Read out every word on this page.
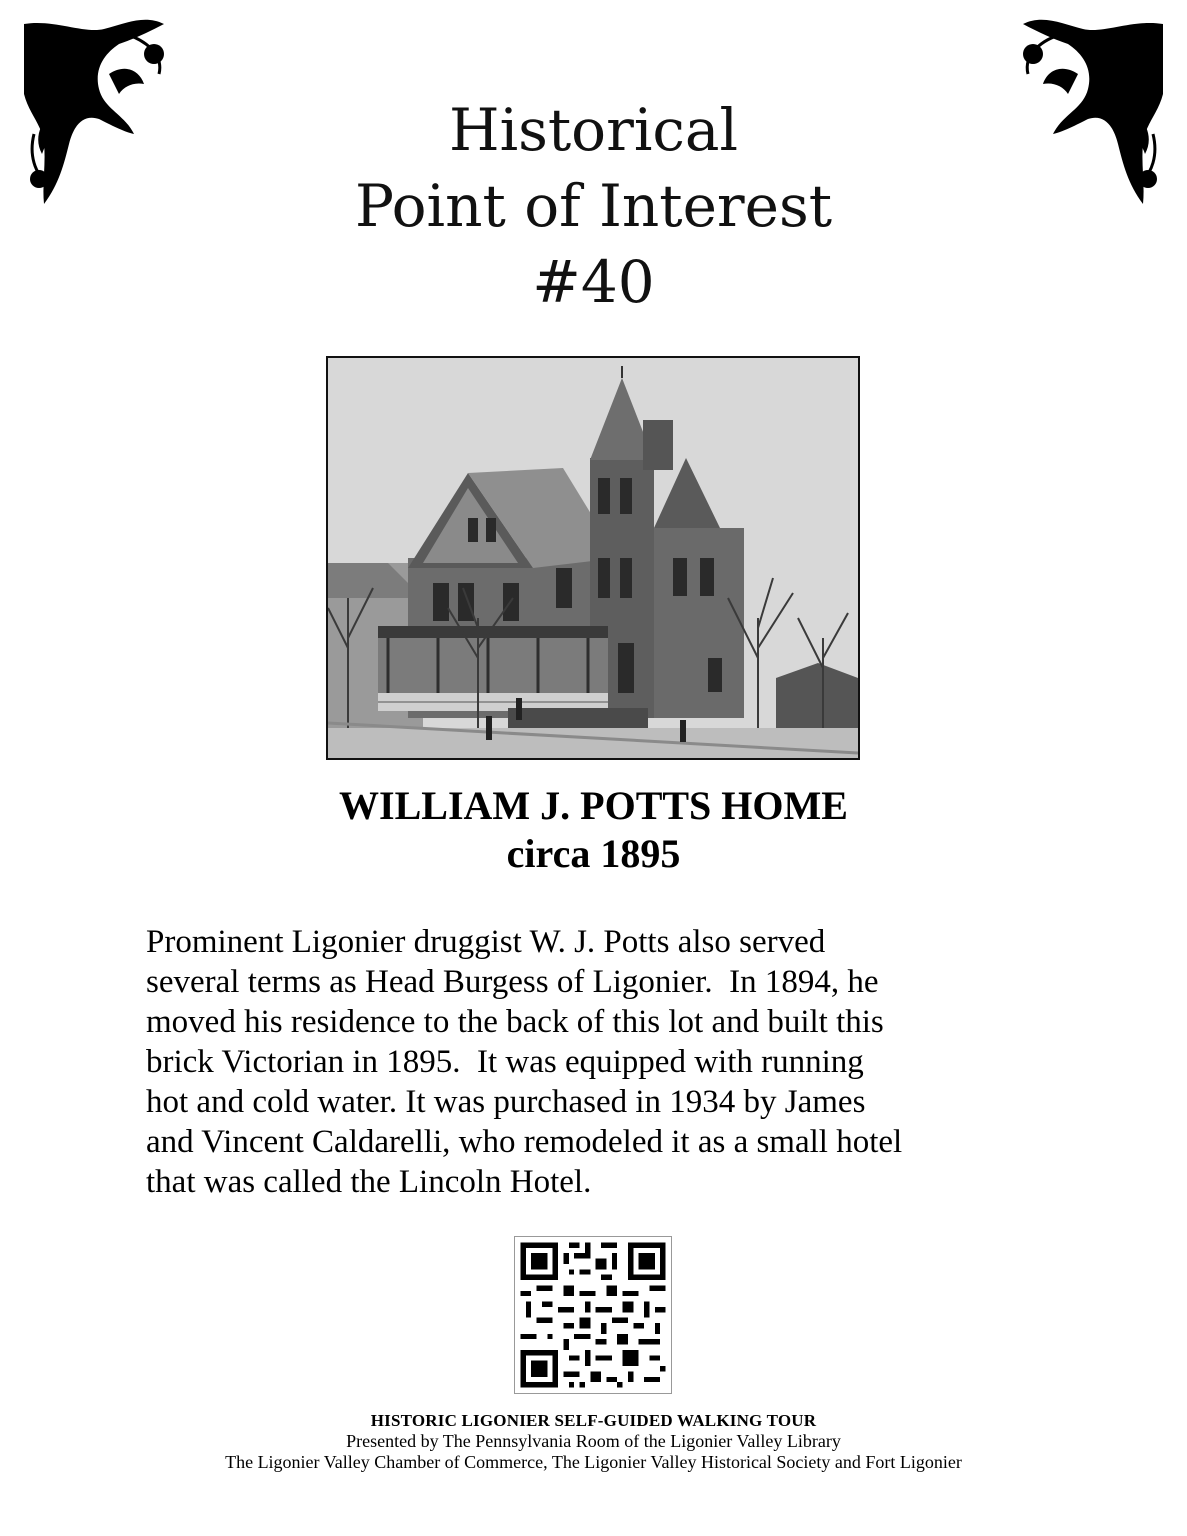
Historical
Point of Interest
#40
WILLIAM J. POTTS HOME
circa 1895
Prominent Ligonier druggist W. J. Potts also served
several terms as Head Burgess of Ligonier.  In 1894, he
moved his residence to the back of this lot and built this
brick Victorian in 1895.  It was equipped with running
hot and cold water. It was purchased in 1934 by James
and Vincent Caldarelli, who remodeled it as a small hotel
that was called the Lincoln Hotel.
HISTORIC LIGONIER SELF-GUIDED WALKING TOUR
Presented by The Pennsylvania Room of the Ligonier Valley Library
The Ligonier Valley Chamber of Commerce, The Ligonier Valley Historical Society and Fort Ligonier
